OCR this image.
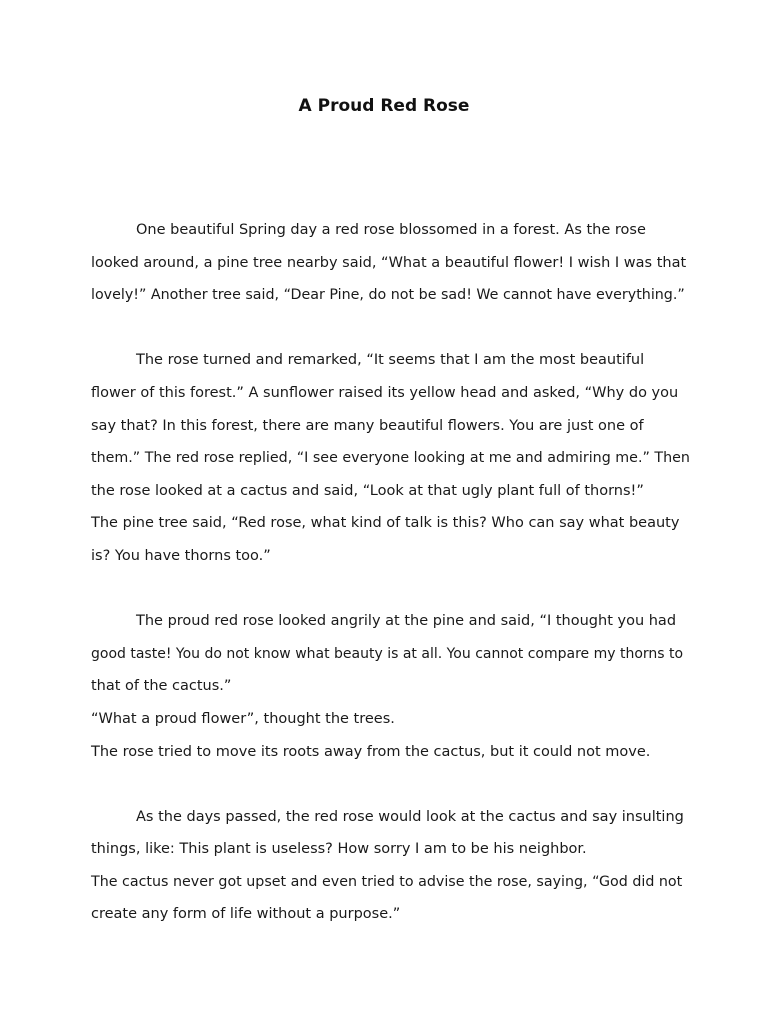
A Proud Red Rose

One beautiful Spring day a red rose blossomed in a forest. As the rose

looked around, a pine tree nearby said, “What a beautiful flower! I wish I was that

lovely!” Another tree said, “Dear Pine, do not be sad! We cannot have everything.”

The rose turned and remarked, “It seems that I am the most beautiful

flower of this forest.” A sunflower raised its yellow head and asked, “Why do you

say that? In this forest, there are many beautiful flowers. You are just one of

them.” The red rose replied, “I see everyone looking at me and admiring me.” Then

the rose looked at a cactus and said, “Look at that ugly plant full of thorns!”

The pine tree said, “Red rose, what kind of talk is this? Who can say what beauty

is? You have thorns too.”

The proud red rose looked angrily at the pine and said, “I thought you had

good taste! You do not know what beauty is at all. You cannot compare my thorns to

that of the cactus.”

“What a proud flower”, thought the trees.

The rose tried to move its roots away from the cactus, but it could not move.

As the days passed, the red rose would look at the cactus and say insulting

things, like: This plant is useless? How sorry I am to be his neighbor.

The cactus never got upset and even tried to advise the rose, saying, “God did not

create any form of life without a purpose.”
